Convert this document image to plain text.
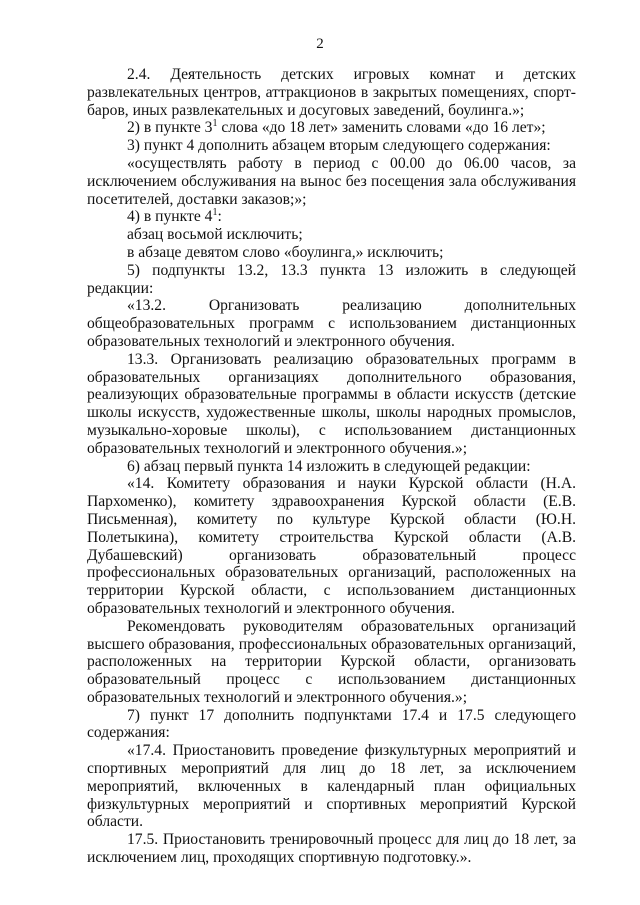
2

2.4. Деятельность детских игровых комнат и детских развлекательных центров, аттракционов в закрытых помещениях, спорт-баров, иных развлекательных и досуговых заведений, боулинга.»;

2) в пункте $3^1$ слова «до 18 лет» заменить словами «до 16 лет»;

3) пункт 4 дополнить абзацем вторым следующего содержания:

«осуществлять работу в период с 00.00 до 06.00 часов, за исключением обслуживания на вынос без посещения зала обслуживания посетителей, доставки заказов;»;

4) в пункте $4^1$:

абзац восьмой исключить;

в абзаце девятом слово «боулинга,» исключить;

5) подпункты 13.2, 13.3 пункта 13 изложить в следующей редакции:

«13.2. Организовать реализацию дополнительных общеобразовательных программ с использованием дистанционных образовательных технологий и электронного обучения.

13.3. Организовать реализацию образовательных программ в образовательных организациях дополнительного образования, реализующих образовательные программы в области искусств (детские школы искусств, художественные школы, школы народных промыслов, музыкально-хоровые школы), с использованием дистанционных образовательных технологий и электронного обучения.»;

6) абзац первый пункта 14 изложить в следующей редакции:

«14. Комитету образования и науки Курской области (Н.А. Пархоменко), комитету здравоохранения Курской области (Е.В. Письменная), комитету по культуре Курской области (Ю.Н. Полетыкина), комитету строительства Курской области (А.В. Дубашевский) организовать образовательный процесс профессиональных образовательных организаций, расположенных на территории Курской области, с использованием дистанционных образовательных технологий и электронного обучения.

Рекомендовать руководителям образовательных организаций высшего образования, профессиональных образовательных организаций, расположенных на территории Курской области, организовать образовательный процесс с использованием дистанционных образовательных технологий и электронного обучения.»;

7) пункт 17 дополнить подпунктами 17.4 и 17.5 следующего содержания:

«17.4. Приостановить проведение физкультурных мероприятий и спортивных мероприятий для лиц до 18 лет, за исключением мероприятий, включенных в календарный план официальных физкультурных мероприятий и спортивных мероприятий Курской области.

17.5. Приостановить тренировочный процесс для лиц до 18 лет, за исключением лиц, проходящих спортивную подготовку.».
